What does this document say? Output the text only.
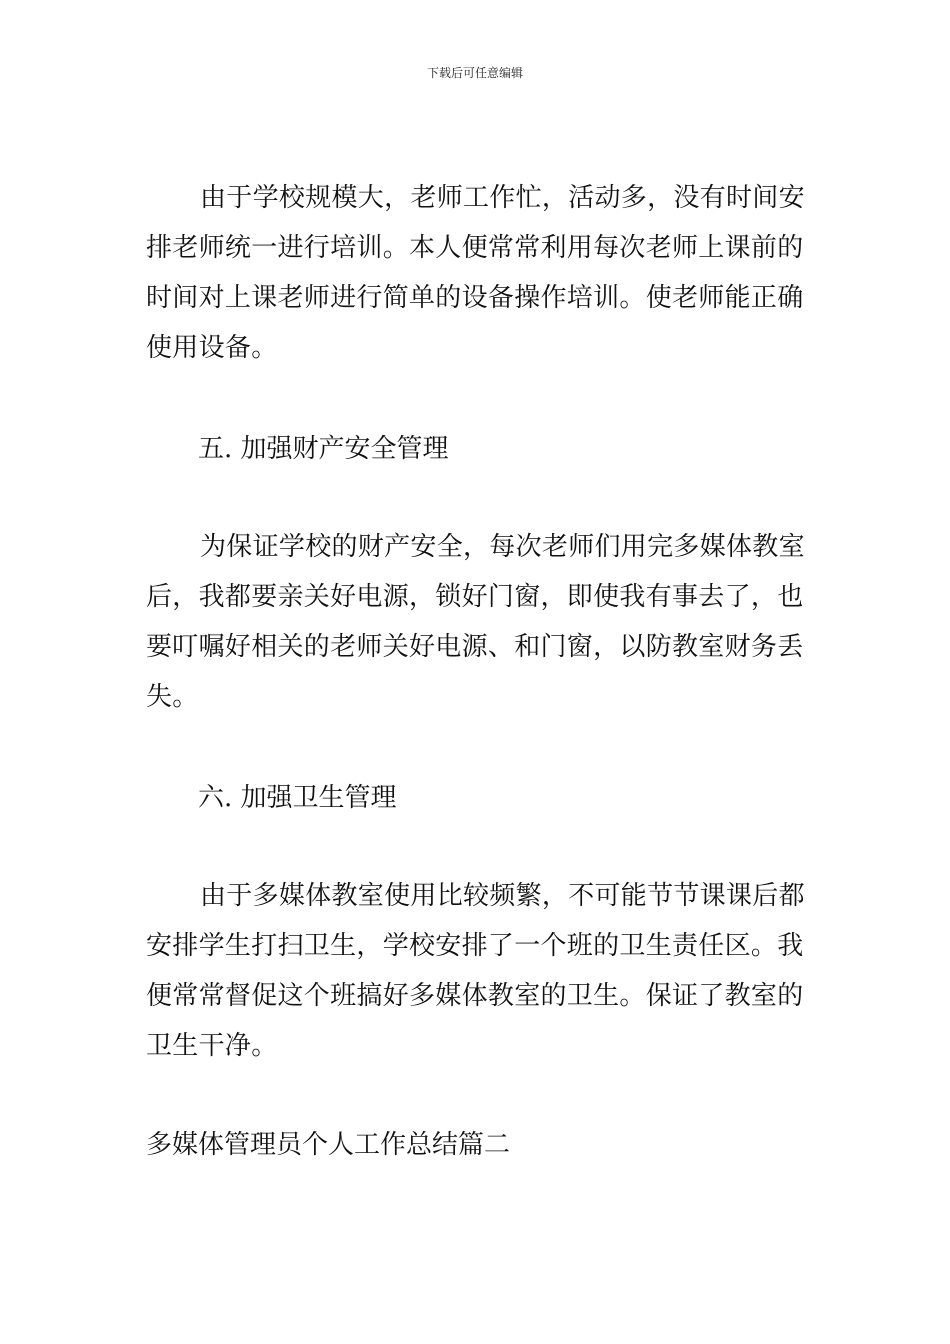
下载后可任意编辑
由于学校规模大，老师工作忙，活动多，没有时间安
排老师统一进行培训。本人便常常利用每次老师上课前的
时间对上课老师进行简单的设备操作培训。使老师能正确
使用设备。
五. 加强财产安全管理
为保证学校的财产安全，每次老师们用完多媒体教室
后，我都要亲关好电源，锁好门窗，即使我有事去了，也
要叮嘱好相关的老师关好电源、和门窗，以防教室财务丢
失。
六. 加强卫生管理
由于多媒体教室使用比较频繁，不可能节节课课后都
安排学生打扫卫生，学校安排了一个班的卫生责任区。我
便常常督促这个班搞好多媒体教室的卫生。保证了教室的
卫生干净。
多媒体管理员个人工作总结篇二
